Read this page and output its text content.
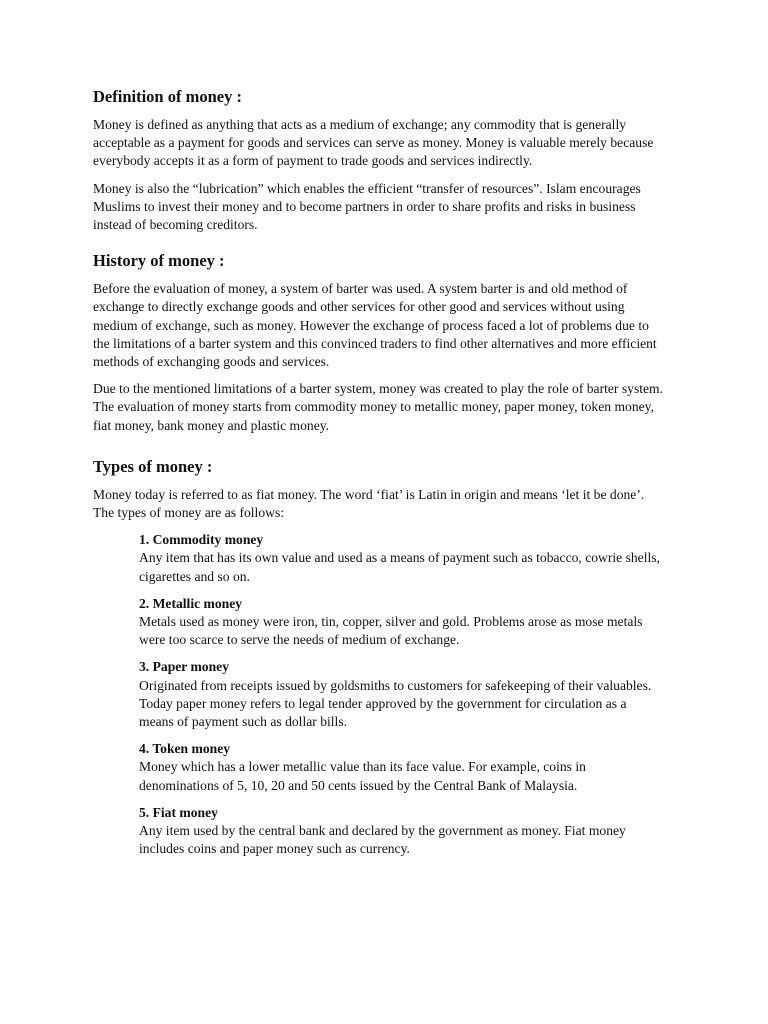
Definition of money :

Money is defined as anything that acts as a medium of exchange; any commodity that is generally acceptable as a payment for goods and services can serve as money. Money is valuable merely because everybody accepts it as a form of payment to trade goods and services indirectly.

Money is also the “lubrication” which enables the efficient “transfer of resources”. Islam encourages Muslims to invest their money and to become partners in order to share profits and risks in business instead of becoming creditors.

History of money :

Before the evaluation of money, a system of barter was used. A system barter is and old method of exchange to directly exchange goods and other services for other good and services without using medium of exchange, such as money. However the exchange of process faced a lot of problems due to the limitations of a barter system and this convinced traders to find other alternatives and more efficient methods of exchanging goods and services.

Due to the mentioned limitations of a barter system, money was created to play the role of barter system. The evaluation of money starts from commodity money to metallic money, paper money, token money, fiat money, bank money and plastic money.

Types of money :

Money today is referred to as fiat money. The word ‘fiat’ is Latin in origin and means ‘let it be done’. The types of money are as follows:

1. Commodity money
Any item that has its own value and used as a means of payment such as tobacco, cowrie shells, cigarettes and so on.
2. Metallic money
Metals used as money were iron, tin, copper, silver and gold. Problems arose as mose metals were too scarce to serve the needs of medium of exchange.
3. Paper money
Originated from receipts issued by goldsmiths to customers for safekeeping of their valuables. Today paper money refers to legal tender approved by the government for circulation as a means of payment such as dollar bills.
4. Token money
Money which has a lower metallic value than its face value. For example, coins in denominations of 5, 10, 20 and 50 cents issued by the Central Bank of Malaysia.
5. Fiat money
Any item used by the central bank and declared by the government as money. Fiat money includes coins and paper money such as currency.
